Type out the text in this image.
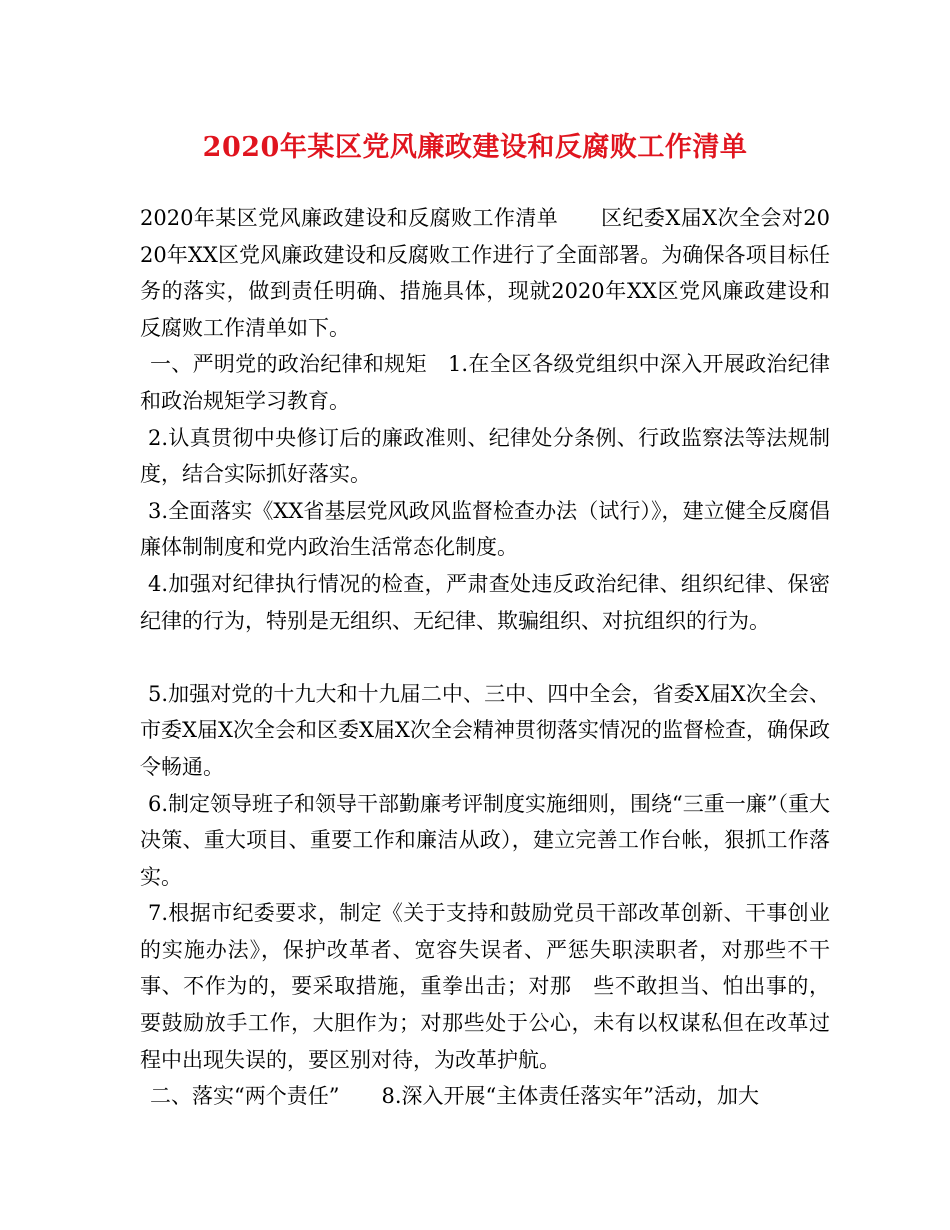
2020年某区党风廉政建设和反腐败工作清单

2020年某区党风廉政建设和反腐败工作清单　　区纪委X届X次全会对2020年XX区党风廉政建设和反腐败工作进行了全面部署。为确保各项目标任务的落实，做到责任明确、措施具体，现就2020年XX区党风廉政建设和反腐败工作清单如下。

一、严明党的政治纪律和规矩　1.在全区各级党组织中深入开展政治纪律和政治规矩学习教育。

2.认真贯彻中央修订后的廉政准则、纪律处分条例、行政监察法等法规制度，结合实际抓好落实。

3.全面落实《XX省基层党风政风监督检查办法（试行）》，建立健全反腐倡廉体制制度和党内政治生活常态化制度。

4.加强对纪律执行情况的检查，严肃查处违反政治纪律、组织纪律、保密纪律的行为，特别是无组织、无纪律、欺骗组织、对抗组织的行为。

5.加强对党的十九大和十九届二中、三中、四中全会，省委X届X次全会、市委X届X次全会和区委X届X次全会精神贯彻落实情况的监督检查，确保政令畅通。

6.制定领导班子和领导干部勤廉考评制度实施细则，围绕“三重一廉”（重大决策、重大项目、重要工作和廉洁从政），建立完善工作台帐，狠抓工作落实。

7.根据市纪委要求，制定《关于支持和鼓励党员干部改革创新、干事创业的实施办法》，保护改革者、宽容失误者、严惩失职渎职者，对那些不干事、不作为的，要采取措施，重拳出击；对那　些不敢担当、怕出事的，要鼓励放手工作，大胆作为；对那些处于公心，未有以权谋私但在改革过程中出现失误的，要区别对待，为改革护航。

二、落实“两个责任”　　8.深入开展“主体责任落实年”活动，加大
